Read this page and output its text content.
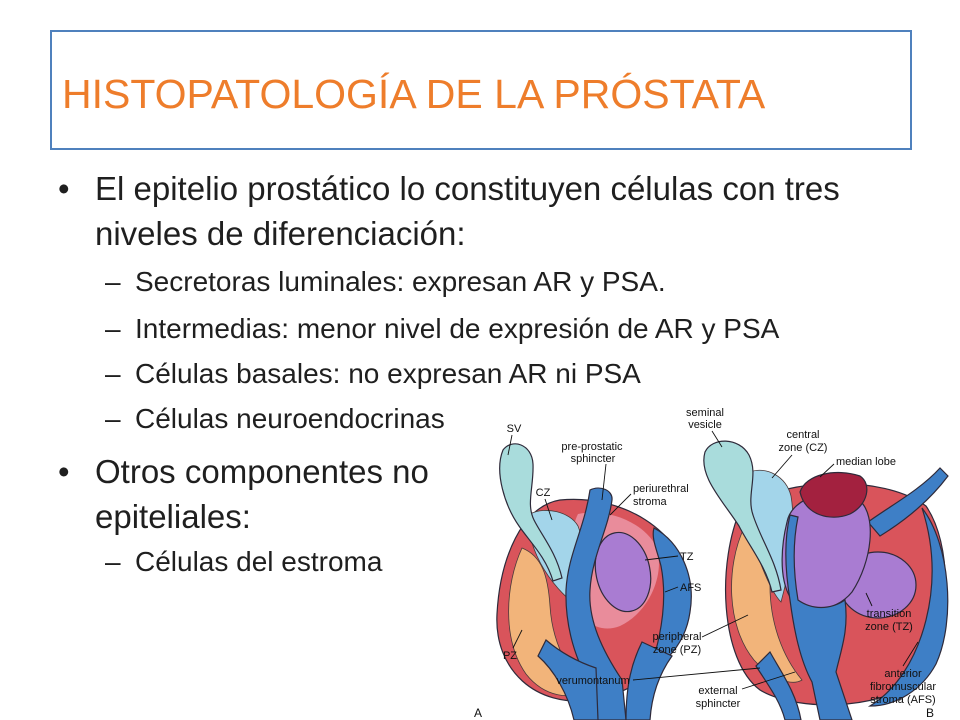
HISTOPATOLOGÍA DE LA PRÓSTATA
• El epitelio prostático lo constituyen células con tres
niveles de diferenciación:
– Secretoras luminales: expresan AR y PSA.
– Intermedias: menor nivel de expresión de AR y PSA
– Células basales: no expresan AR ni PSA
– Células neuroendocrinas
• Otros componentes no
epiteliales:
– Células del estroma
SV
pre-prostatic
sphincter
CZ	periurethral
stroma
TZ
AFS
PZ
verumontanum
seminal
vesicle
central
zone (CZ)
median lobe
peripheral
zone (PZ)
external
sphincter
transition
zone (TZ)
anterior
fibromuscular
stroma (AFS)
A	B
